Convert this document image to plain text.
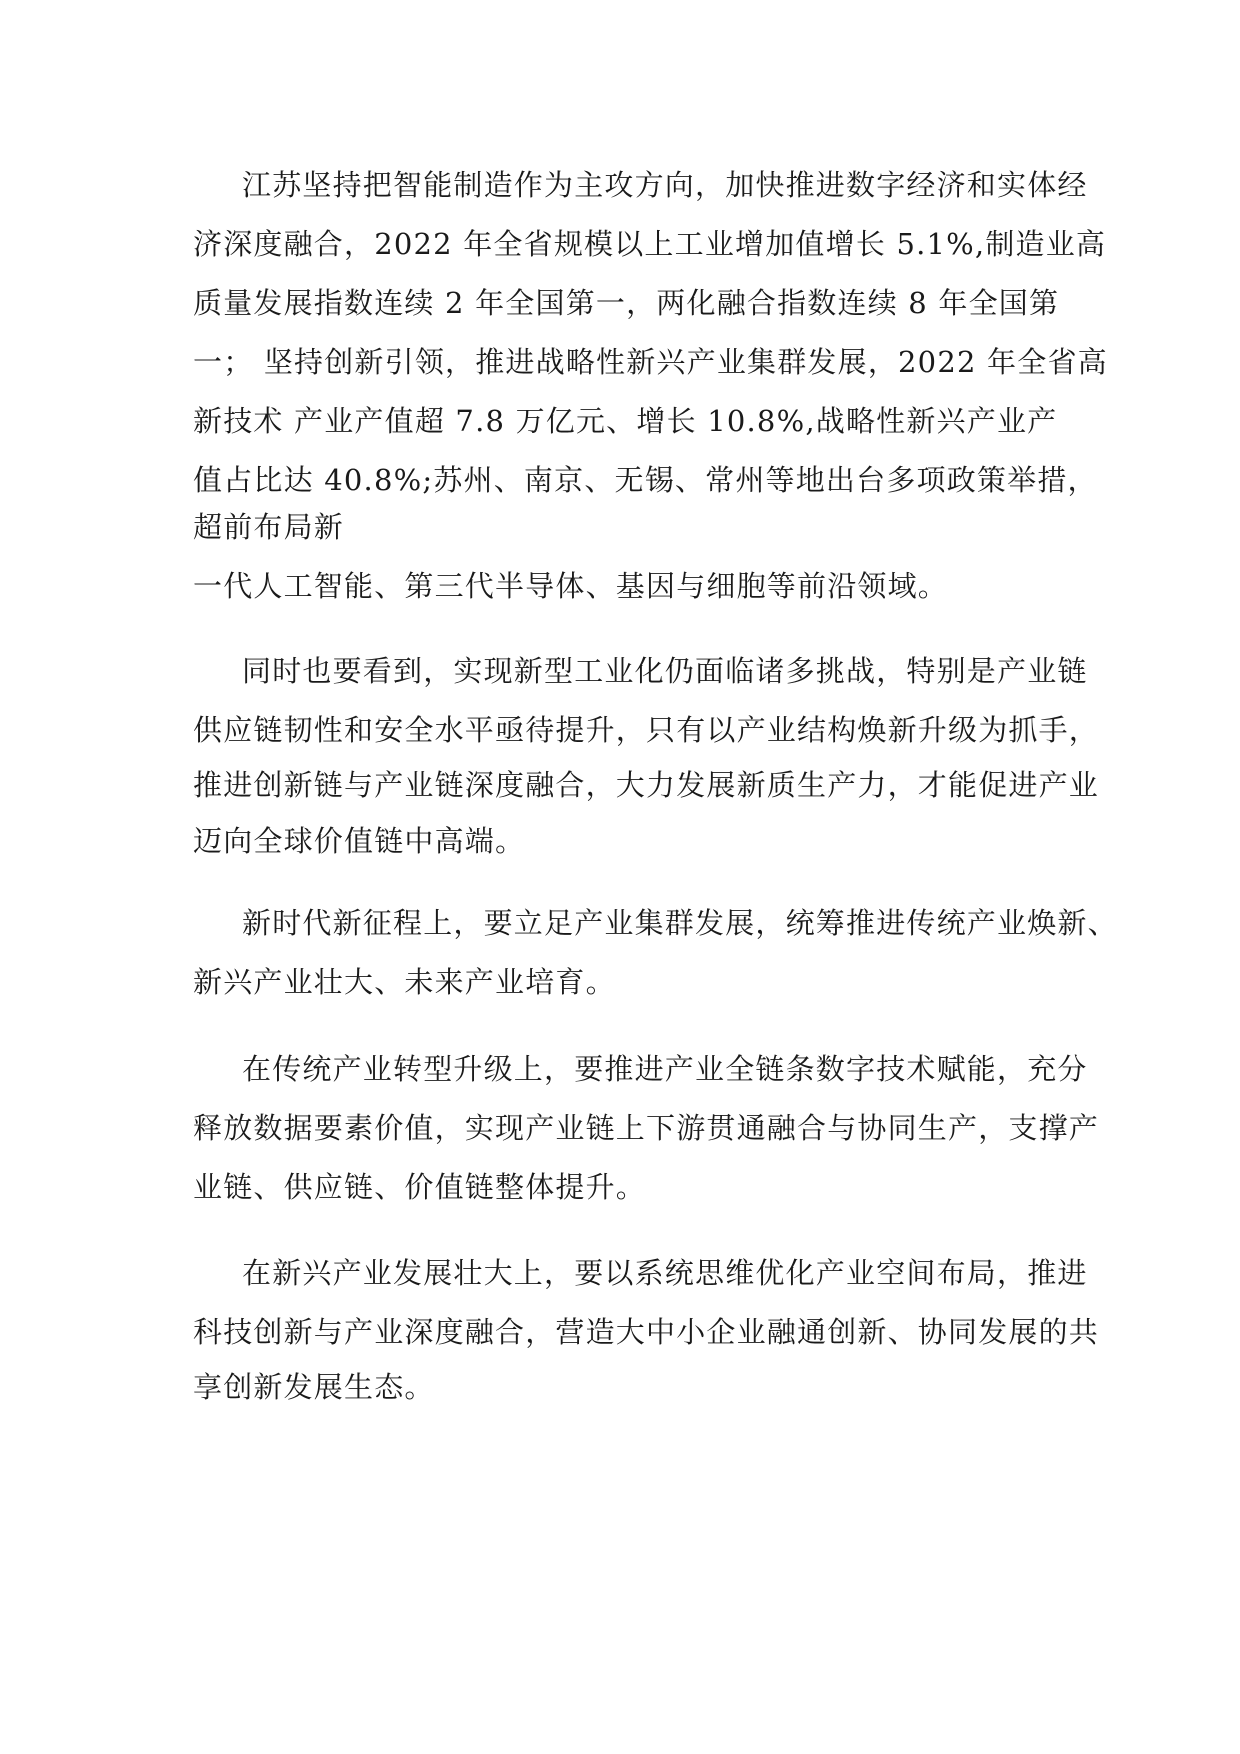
江苏坚持把智能制造作为主攻方向，加快推进数字经济和实体经

济深度融合，2022 年全省规模以上工业增加值增长 5.1%,制造业高

质量发展指数连续 2 年全国第一，两化融合指数连续 8 年全国第

一； 坚持创新引领，推进战略性新兴产业集群发展，2022 年全省高

新技术 产业产值超 7.8 万亿元、增长 10.8%,战略性新兴产业产

值占比达 40.8%;苏州、南京、无锡、常州等地出台多项政策举措，

超前布局新

一代人工智能、第三代半导体、基因与细胞等前沿领域。

同时也要看到，实现新型工业化仍面临诸多挑战，特别是产业链

供应链韧性和安全水平亟待提升，只有以产业结构焕新升级为抓手，

推进创新链与产业链深度融合，大力发展新质生产力，才能促进产业

迈向全球价值链中高端。

新时代新征程上，要立足产业集群发展，统筹推进传统产业焕新、

新兴产业壮大、未来产业培育。

在传统产业转型升级上，要推进产业全链条数字技术赋能，充分

释放数据要素价值，实现产业链上下游贯通融合与协同生产，支撑产

业链、供应链、价值链整体提升。

在新兴产业发展壮大上，要以系统思维优化产业空间布局，推进

科技创新与产业深度融合，营造大中小企业融通创新、协同发展的共

享创新发展生态。
